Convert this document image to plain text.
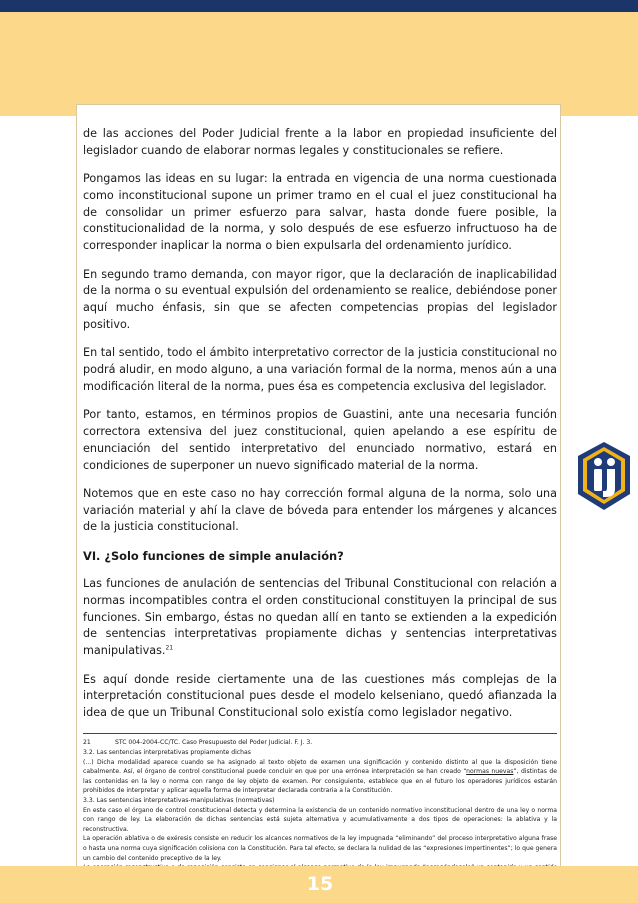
de las acciones del Poder Judicial frente a la labor en propiedad insuficiente del legislador cuando de elaborar normas legales y constitucionales se refiere.

Pongamos las ideas en su lugar: la entrada en vigencia de una norma cuestionada como inconstitucional supone un primer tramo en el cual el juez constitucional ha de consolidar un primer esfuerzo para salvar, hasta donde fuere posible, la constitucionalidad de la norma, y solo después de ese esfuerzo infructuoso ha de corresponder inaplicar la norma o bien expulsarla del ordenamiento jurídico.

En segundo tramo demanda, con mayor rigor, que la declaración de inaplicabilidad de la norma o su eventual expulsión del ordenamiento se realice, debiéndose poner aquí mucho énfasis, sin que se afecten competencias propias del legislador positivo.

En tal sentido, todo el ámbito interpretativo corrector de la justicia constitucional no podrá aludir, en modo alguno, a una variación formal de la norma, menos aún a una modificación literal de la norma, pues ésa es competencia exclusiva del legislador.

Por tanto, estamos, en términos propios de Guastini, ante una necesaria función correctora extensiva del juez constitucional, quien apelando a ese espíritu de enunciación del sentido interpretativo del enunciado normativo, estará en condiciones de superponer un nuevo significado material de la norma.

Notemos que en este caso no hay corrección formal alguna de la norma, solo una variación material y ahí la clave de bóveda para entender los márgenes y alcances de la justicia constitucional.

VI. ¿Solo funciones de simple anulación?

Las funciones de anulación de sentencias del Tribunal Constitucional con relación a normas incompatibles contra el orden constitucional constituyen la principal de sus funciones. Sin embargo, éstas no quedan allí en tanto se extienden a la expedición de sentencias interpretativas propiamente dichas y sentencias interpretativas manipulativas.$^{21}$

Es aquí donde reside ciertamente una de las cuestiones más complejas de la interpretación constitucional pues desde el modelo kelseniano, quedó afianzada la idea de que un Tribunal Constitucional solo existía como legislador negativo.

21	STC 004-2004-CC/TC. Caso Presupuesto del Poder Judicial. F. J. 3.
3.2. Las sentencias interpretativas propiamente dichas
(...) Dicha modalidad aparece cuando se ha asignado al texto objeto de examen una significación y contenido distinto al que la disposición tiene cabalmente. Así, el órgano de control constitucional puede concluir en que por una errónea interpretación se han creado “normas nuevas”, distintas de las contenidas en la ley o norma con rango de ley objeto de examen. Por consiguiente, establece que en el futuro los operadores jurídicos estarán prohibidos de interpretar y aplicar aquella forma de interpretar declarada contraria a la Constitución.
3.3. Las sentencias interpretativas-manipulativas (normativas)
En este caso el órgano de control constitucional detecta y determina la existencia de un contenido normativo inconstitucional dentro de una ley o norma con rango de ley. La elaboración de dichas sentencias está sujeta alternativa y acumulativamente a dos tipos de operaciones: la ablativa y la reconstructiva.
La operación ablativa o de exéresis consiste en reducir los alcances normativos de la ley impugnada “eliminando” del proceso interpretativo alguna frase o hasta una norma cuya significación colisiona con la Constitución. Para tal efecto, se declara la nulidad de las “expresiones impertinentes”; lo que genera un cambio del contenido preceptivo de la ley.
15
